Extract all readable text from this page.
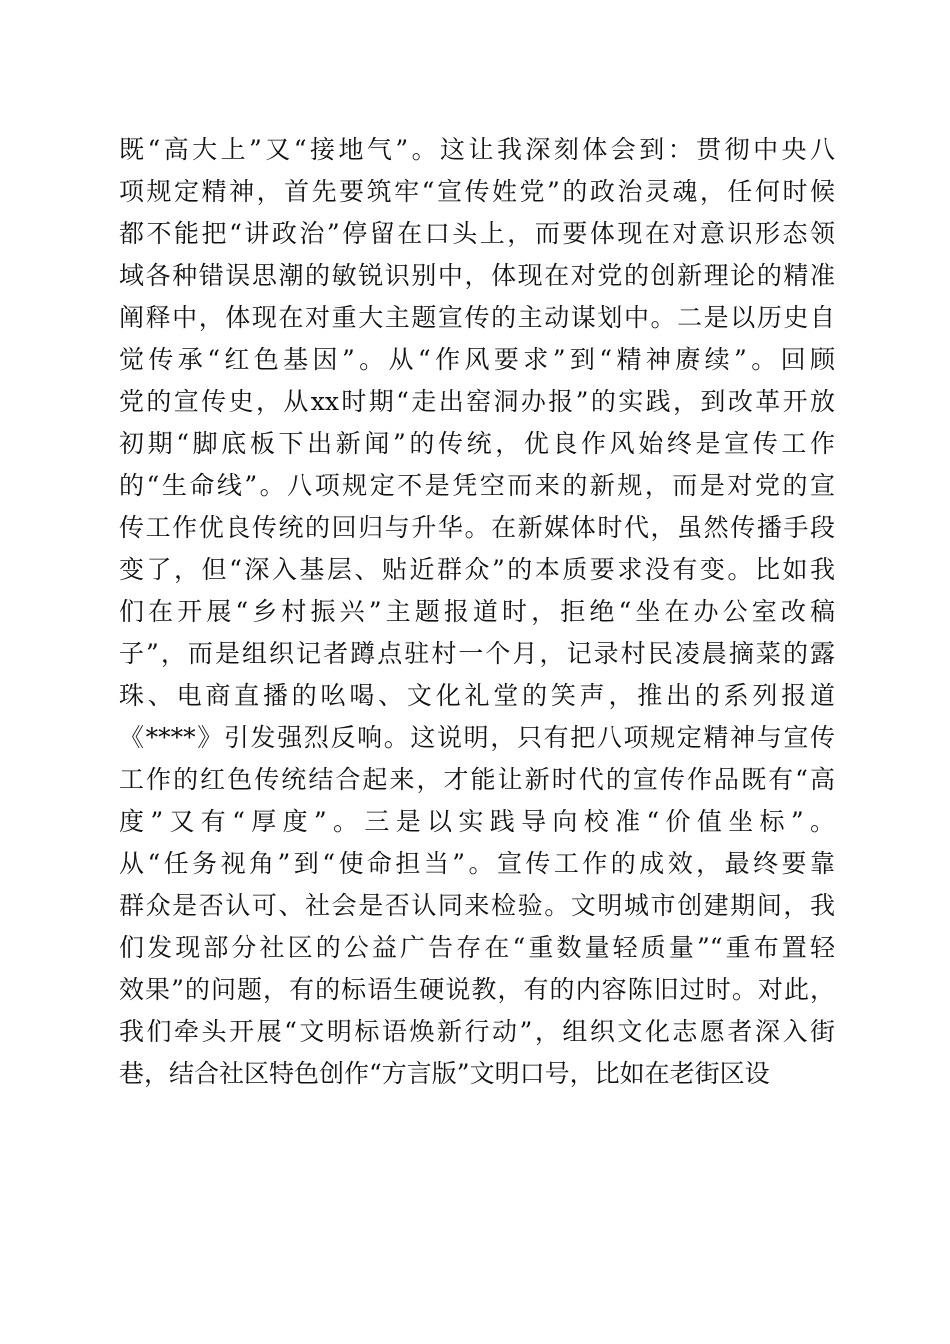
既“高大上”又“接地气”。这让我深刻体会到：贯彻中央八
项规定精神，首先要筑牢“宣传姓党”的政治灵魂，任何时候
都不能把“讲政治”停留在口头上，而要体现在对意识形态领
域各种错误思潮的敏锐识别中，体现在对党的创新理论的精准
阐释中，体现在对重大主题宣传的主动谋划中。二是以历史自
觉传承“红色基因”。从“作风要求”到“精神赓续”。回顾
党的宣传史，从xx时期“走出窑洞办报”的实践，到改革开放
初期“脚底板下出新闻”的传统，优良作风始终是宣传工作
的“生命线”。八项规定不是凭空而来的新规，而是对党的宣
传工作优良传统的回归与升华。在新媒体时代，虽然传播手段
变了，但“深入基层、贴近群众”的本质要求没有变。比如我
们在开展“乡村振兴”主题报道时，拒绝“坐在办公室改稿
子”，而是组织记者蹲点驻村一个月，记录村民凌晨摘菜的露
珠、电商直播的吆喝、文化礼堂的笑声，推出的系列报道
《****》引发强烈反响。这说明，只有把八项规定精神与宣传
工作的红色传统结合起来，才能让新时代的宣传作品既有“高
度”又有“厚度”。三是以实践导向校准“价值坐标”。
从“任务视角”到“使命担当”。宣传工作的成效，最终要靠
群众是否认可、社会是否认同来检验。文明城市创建期间，我
们发现部分社区的公益广告存在“重数量轻质量”“重布置轻
效果”的问题，有的标语生硬说教，有的内容陈旧过时。对此，
我们牵头开展“文明标语焕新行动”，组织文化志愿者深入街
巷，结合社区特色创作“方言版”文明口号，比如在老街区设
